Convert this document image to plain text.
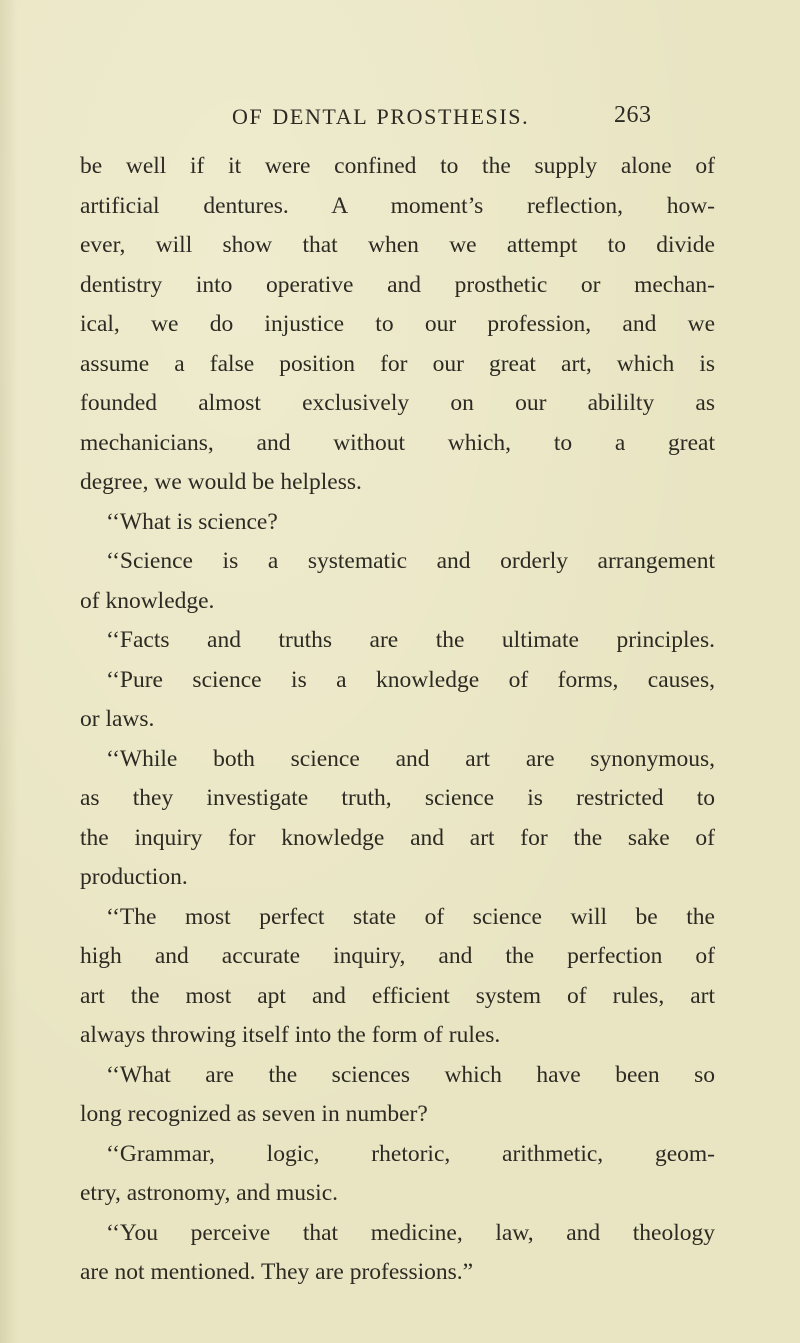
OF DENTAL PROSTHESIS.	263
be well if it were confined to the supply alone of
artificial dentures. A moment’s reflection, how-
ever, will show that when we attempt to divide
dentistry into operative and prosthetic or mechan-
ical, we do injustice to our profession, and we
assume a false position for our great art, which is
founded almost exclusively on our abililty as
mechanicians, and without which, to a great
degree, we would be helpless.
‘‘What is science?
‘‘Science is a systematic and orderly arrangement
of knowledge.
‘‘Facts and truths are the ultimate principles.
‘‘Pure science is a knowledge of forms, causes,
or laws.
‘‘While both science and art are synonymous,
as they investigate truth, science is restricted to
the inquiry for knowledge and art for the sake of
production.
‘‘The most perfect state of science will be the
high and accurate inquiry, and the perfection of
art the most apt and efficient system of rules, art
always throwing itself into the form of rules.
‘‘What are the sciences which have been so
long recognized as seven in number?
‘‘Grammar, logic, rhetoric, arithmetic, geom-
etry, astronomy, and music.
‘‘You perceive that medicine, law, and theology
are not mentioned. They are professions.”
